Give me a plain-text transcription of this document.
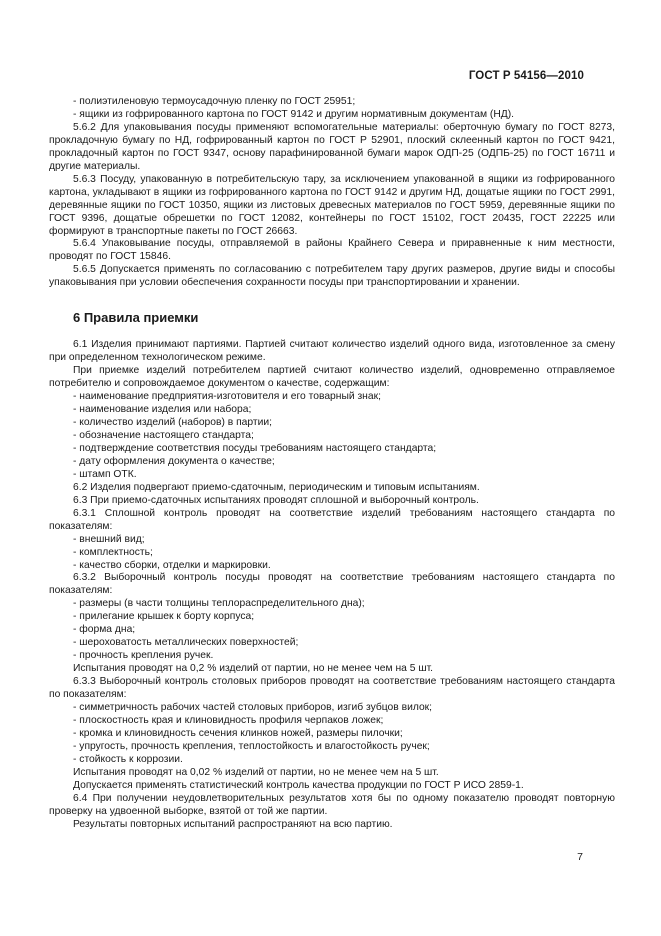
ГОСТ Р 54156—2010

- полиэтиленовую термоусадочную пленку по ГОСТ 25951;

- ящики из гофрированного картона по ГОСТ 9142 и другим нормативным документам (НД).

5.6.2 Для упаковывания посуды применяют вспомогательные материалы: оберточную бумагу по ГОСТ 8273, прокладочную бумагу по НД, гофрированный картон по ГОСТ Р 52901, плоский склеенный картон по ГОСТ 9421, прокладочный картон по ГОСТ 9347, основу парафинированной бумаги марок ОДП-25 (ОДПБ-25) по ГОСТ 16711 и другие материалы.

5.6.3 Посуду, упакованную в потребительскую тару, за исключением упакованной в ящики из гофрированного картона, укладывают в ящики из гофрированного картона по ГОСТ 9142 и другим НД, дощатые ящики по ГОСТ 2991, деревянные ящики по ГОСТ 10350, ящики из листовых древесных материалов по ГОСТ 5959, деревянные ящики по ГОСТ 9396, дощатые обрешетки по ГОСТ 12082, контейнеры по ГОСТ 15102, ГОСТ 20435, ГОСТ 22225 или формируют в транспортные пакеты по ГОСТ 26663.

5.6.4 Упаковывание посуды, отправляемой в районы Крайнего Севера и приравненные к ним местности, проводят по ГОСТ 15846.

5.6.5 Допускается применять по согласованию с потребителем тару других размеров, другие виды и способы упаковывания при условии обеспечения сохранности посуды при транспортировании и хранении.

6 Правила приемки

6.1 Изделия принимают партиями. Партией считают количество изделий одного вида, изготовленное за смену при определенном технологическом режиме.

При приемке изделий потребителем партией считают количество изделий, одновременно отправляемое потребителю и сопровождаемое документом о качестве, содержащим:

- наименование предприятия-изготовителя и его товарный знак;

- наименование изделия или набора;

- количество изделий (наборов) в партии;

- обозначение настоящего стандарта;

- подтверждение соответствия посуды требованиям настоящего стандарта;

- дату оформления документа о качестве;

- штамп ОТК.

6.2 Изделия подвергают приемо-сдаточным, периодическим и типовым испытаниям.

6.3 При приемо-сдаточных испытаниях проводят сплошной и выборочный контроль.

6.3.1 Сплошной контроль проводят на соответствие изделий требованиям настоящего стандарта по показателям:

- внешний вид;

- комплектность;

- качество сборки, отделки и маркировки.

6.3.2 Выборочный контроль посуды проводят на соответствие требованиям настоящего стандарта по показателям:

- размеры (в части толщины теплораспределительного дна);

- прилегание крышек к борту корпуса;

- форма дна;

- шероховатость металлических поверхностей;

- прочность крепления ручек.

Испытания проводят на 0,2 % изделий от партии, но не менее чем на 5 шт.

6.3.3 Выборочный контроль столовых приборов проводят на соответствие требованиям настоящего стандарта по показателям:

- симметричность рабочих частей столовых приборов, изгиб зубцов вилок;

- плоскостность края и клиновидность профиля черпаков ложек;

- кромка и клиновидность сечения клинков ножей, размеры пилочки;

- упругость, прочность крепления, теплостойкость и влагостойкость ручек;

- стойкость к коррозии.

Испытания проводят на 0,02 % изделий от партии, но не менее чем на 5 шт.

Допускается применять статистический контроль качества продукции по ГОСТ Р ИСО 2859-1.

6.4 При получении неудовлетворительных результатов хотя бы по одному показателю проводят повторную проверку на удвоенной выборке, взятой от той же партии.

Результаты повторных испытаний распространяют на всю партию.

7
